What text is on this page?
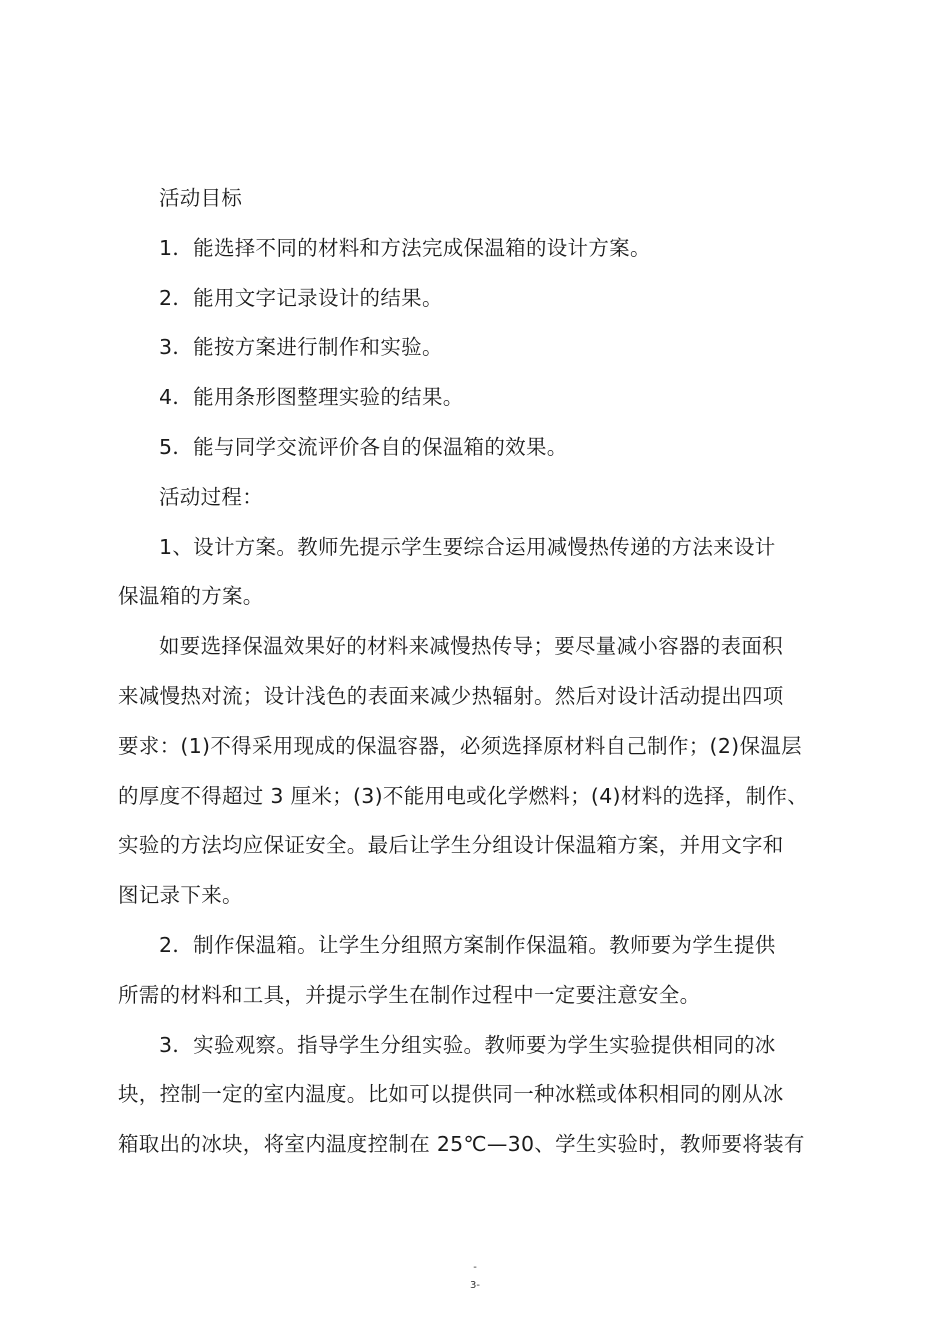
活动目标
1．能选择不同的材料和方法完成保温箱的设计方案。
2．能用文字记录设计的结果。
3．能按方案进行制作和实验。
4．能用条形图整理实验的结果。
5．能与同学交流评价各自的保温箱的效果。
活动过程：
1、设计方案。教师先提示学生要综合运用减慢热传递的方法来设计
保温箱的方案。
如要选择保温效果好的材料来减慢热传导；要尽量减小容器的表面积
来减慢热对流；设计浅色的表面来减少热辐射。然后对设计活动提出四项
要求：(1)不得采用现成的保温容器，必须选择原材料自己制作；(2)保温层
的厚度不得超过 3 厘米；(3)不能用电或化学燃料；(4)材料的选择，制作、
实验的方法均应保证安全。最后让学生分组设计保温箱方案，并用文字和
图记录下来。
2．制作保温箱。让学生分组照方案制作保温箱。教师要为学生提供
所需的材料和工具，并提示学生在制作过程中一定要注意安全。
3．实验观察。指导学生分组实验。教师要为学生实验提供相同的冰
块，控制一定的室内温度。比如可以提供同一种冰糕或体积相同的刚从冰
箱取出的冰块，将室内温度控制在 25℃—30、学生实验时，教师要将装有
-
3-
